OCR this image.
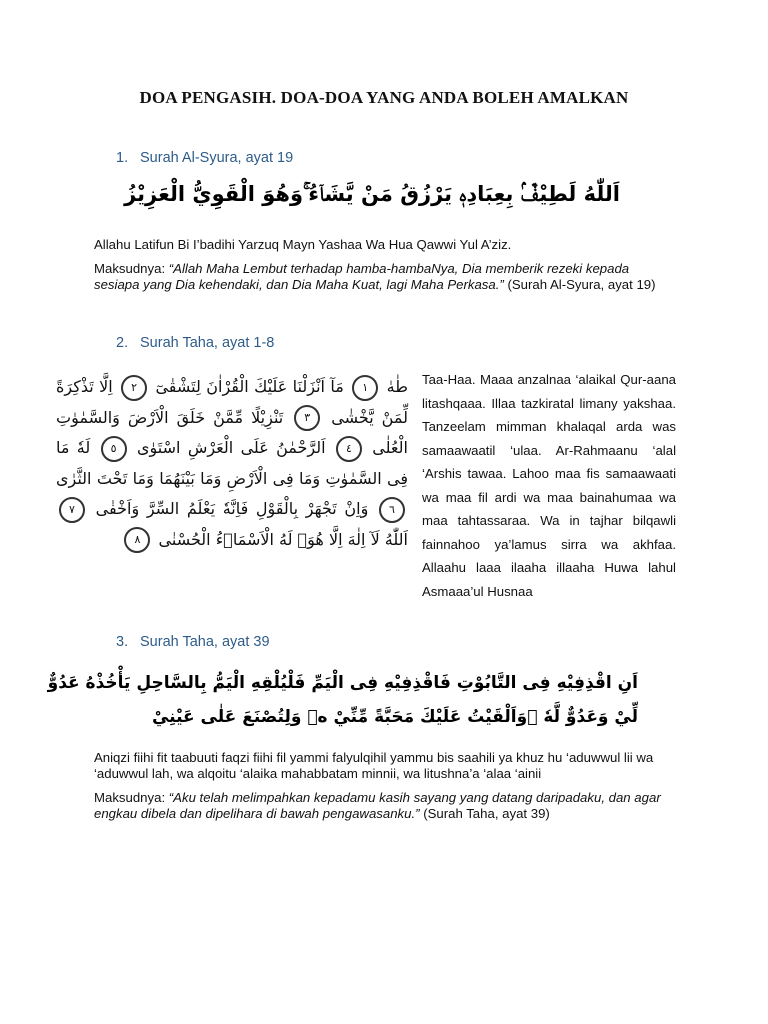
DOA PENGASIH. DOA-DOA YANG ANDA BOLEH AMALKAN
1. Surah Al-Syura, ayat 19
اَللّٰهُ لَطِيْفٌۢ بِعِبَادِهٖ يَرْزُقُ مَنْ يَّشَاۤءُ ۚوَهُوَ الْقَوِيُّ الْعَزِيْزُ
Allahu Latifun Bi I’badihi Yarzuq Mayn Yashaa Wa Hua Qawwi Yul A’ziz.
Maksudnya: “Allah Maha Lembut terhadap hamba-hambaNya, Dia memberik rezeki kepada sesiapa yang Dia kehendaki, dan Dia Maha Kuat, lagi Maha Perkasa.” (Surah Al-Syura, ayat 19)
2. Surah Taha, ayat 1-8
طٰهٰ ١ مَآ اَنْزَلْنَا عَلَيْكَ الْقُرْاٰنَ لِتَشْقٰىٓ ٢ اِلَّا تَذْكِرَةً لِّمَنْ يَّخْشٰى ٣ تَنْزِيْلًا مِّمَّنْ خَلَقَ الْاَرْضَ وَالسَّمٰوٰتِ الْعُلٰى ٤ اَلرَّحْمٰنُ عَلَى الْعَرْشِ اسْتَوٰى ٥ لَهٗ مَا فِى السَّمٰوٰتِ وَمَا فِى الْاَرْضِ وَمَا بَيْنَهُمَا وَمَا تَحْتَ الثَّرٰى ٦ وَاِنْ تَجْهَرْ بِالْقَوْلِ فَاِنَّهٗ يَعْلَمُ السِّرَّ وَاَخْفٰى ٧ اَللّٰهُ لَآ اِلٰهَ اِلَّا هُوَۗ لَهُ الْاَسْمَاۤءُ الْحُسْنٰى ٨
Taa-Haa. Maaa anzalnaa ‘alaikal Qur-aana litashqaaa. Illaa tazkiratal limany yakshaa. Tanzeelam mimman khalaqal arda was samaawaatil ‘ulaa. Ar-Rahmaanu ‘alal ‘Arshis tawaa. Lahoo maa fis samaawaati wa maa fil ardi wa maa bainahumaa wa maa tahtassaraa. Wa in tajhar bilqawli fainnahoo ya’lamus sirra wa akhfaa. Allaahu laaa ilaaha illaaha Huwa lahul Asmaaa’ul Husnaa
3. Surah Taha, ayat 39
اَنِ اقْذِفِيْهِ فِى التَّابُوْتِ فَاقْذِفِيْهِ فِى الْيَمِّ فَلْيُلْقِهِ الْيَمُّ بِالسَّاحِلِ يَأْخُذْهُ عَدُوٌّ
لِّيْ وَعَدُوٌّ لَّهٗ ۗوَاَلْقَيْتُ عَلَيْكَ مَحَبَّةً مِّنِّيْ ەۚ وَلِتُصْنَعَ عَلٰى عَيْنِيْ
Aniqzi fiihi fit taabuuti faqzi fiihi fil yammi falyulqihil yammu bis saahili ya khuz hu ‘aduwwul lii wa ‘aduwwul lah, wa alqoitu ‘alaika mahabbatam minnii, wa litushna’a ‘alaa ‘ainii
Maksudnya: “Aku telah melimpahkan kepadamu kasih sayang yang datang daripadaku, dan agar engkau dibela dan dipelihara di bawah pengawasanku.” (Surah Taha, ayat 39)
